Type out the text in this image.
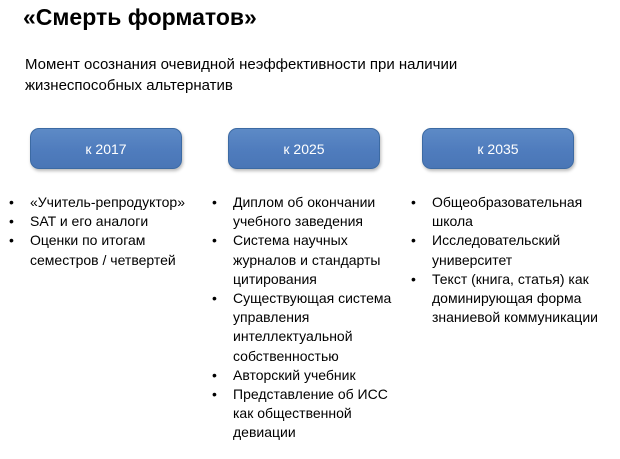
«Смерть форматов»
Момент осознания очевидной неэффективности при наличии жизнеспособных альтернатив
к 2017	к 2025	к 2035
• «Учитель-репродуктор»
• SAT и его аналоги
• Оценки по итогам семестров / четвертей
• Диплом об окончании учебного заведения
• Система научных журналов и стандарты цитирования
• Существующая система управления интеллектуальной собственностью
• Авторский учебник
• Представление об ИСС как общественной девиации
• Общеобразовательная школа
• Исследовательский университет
• Текст (книга, статья) как доминирующая форма знаниевой коммуникации
